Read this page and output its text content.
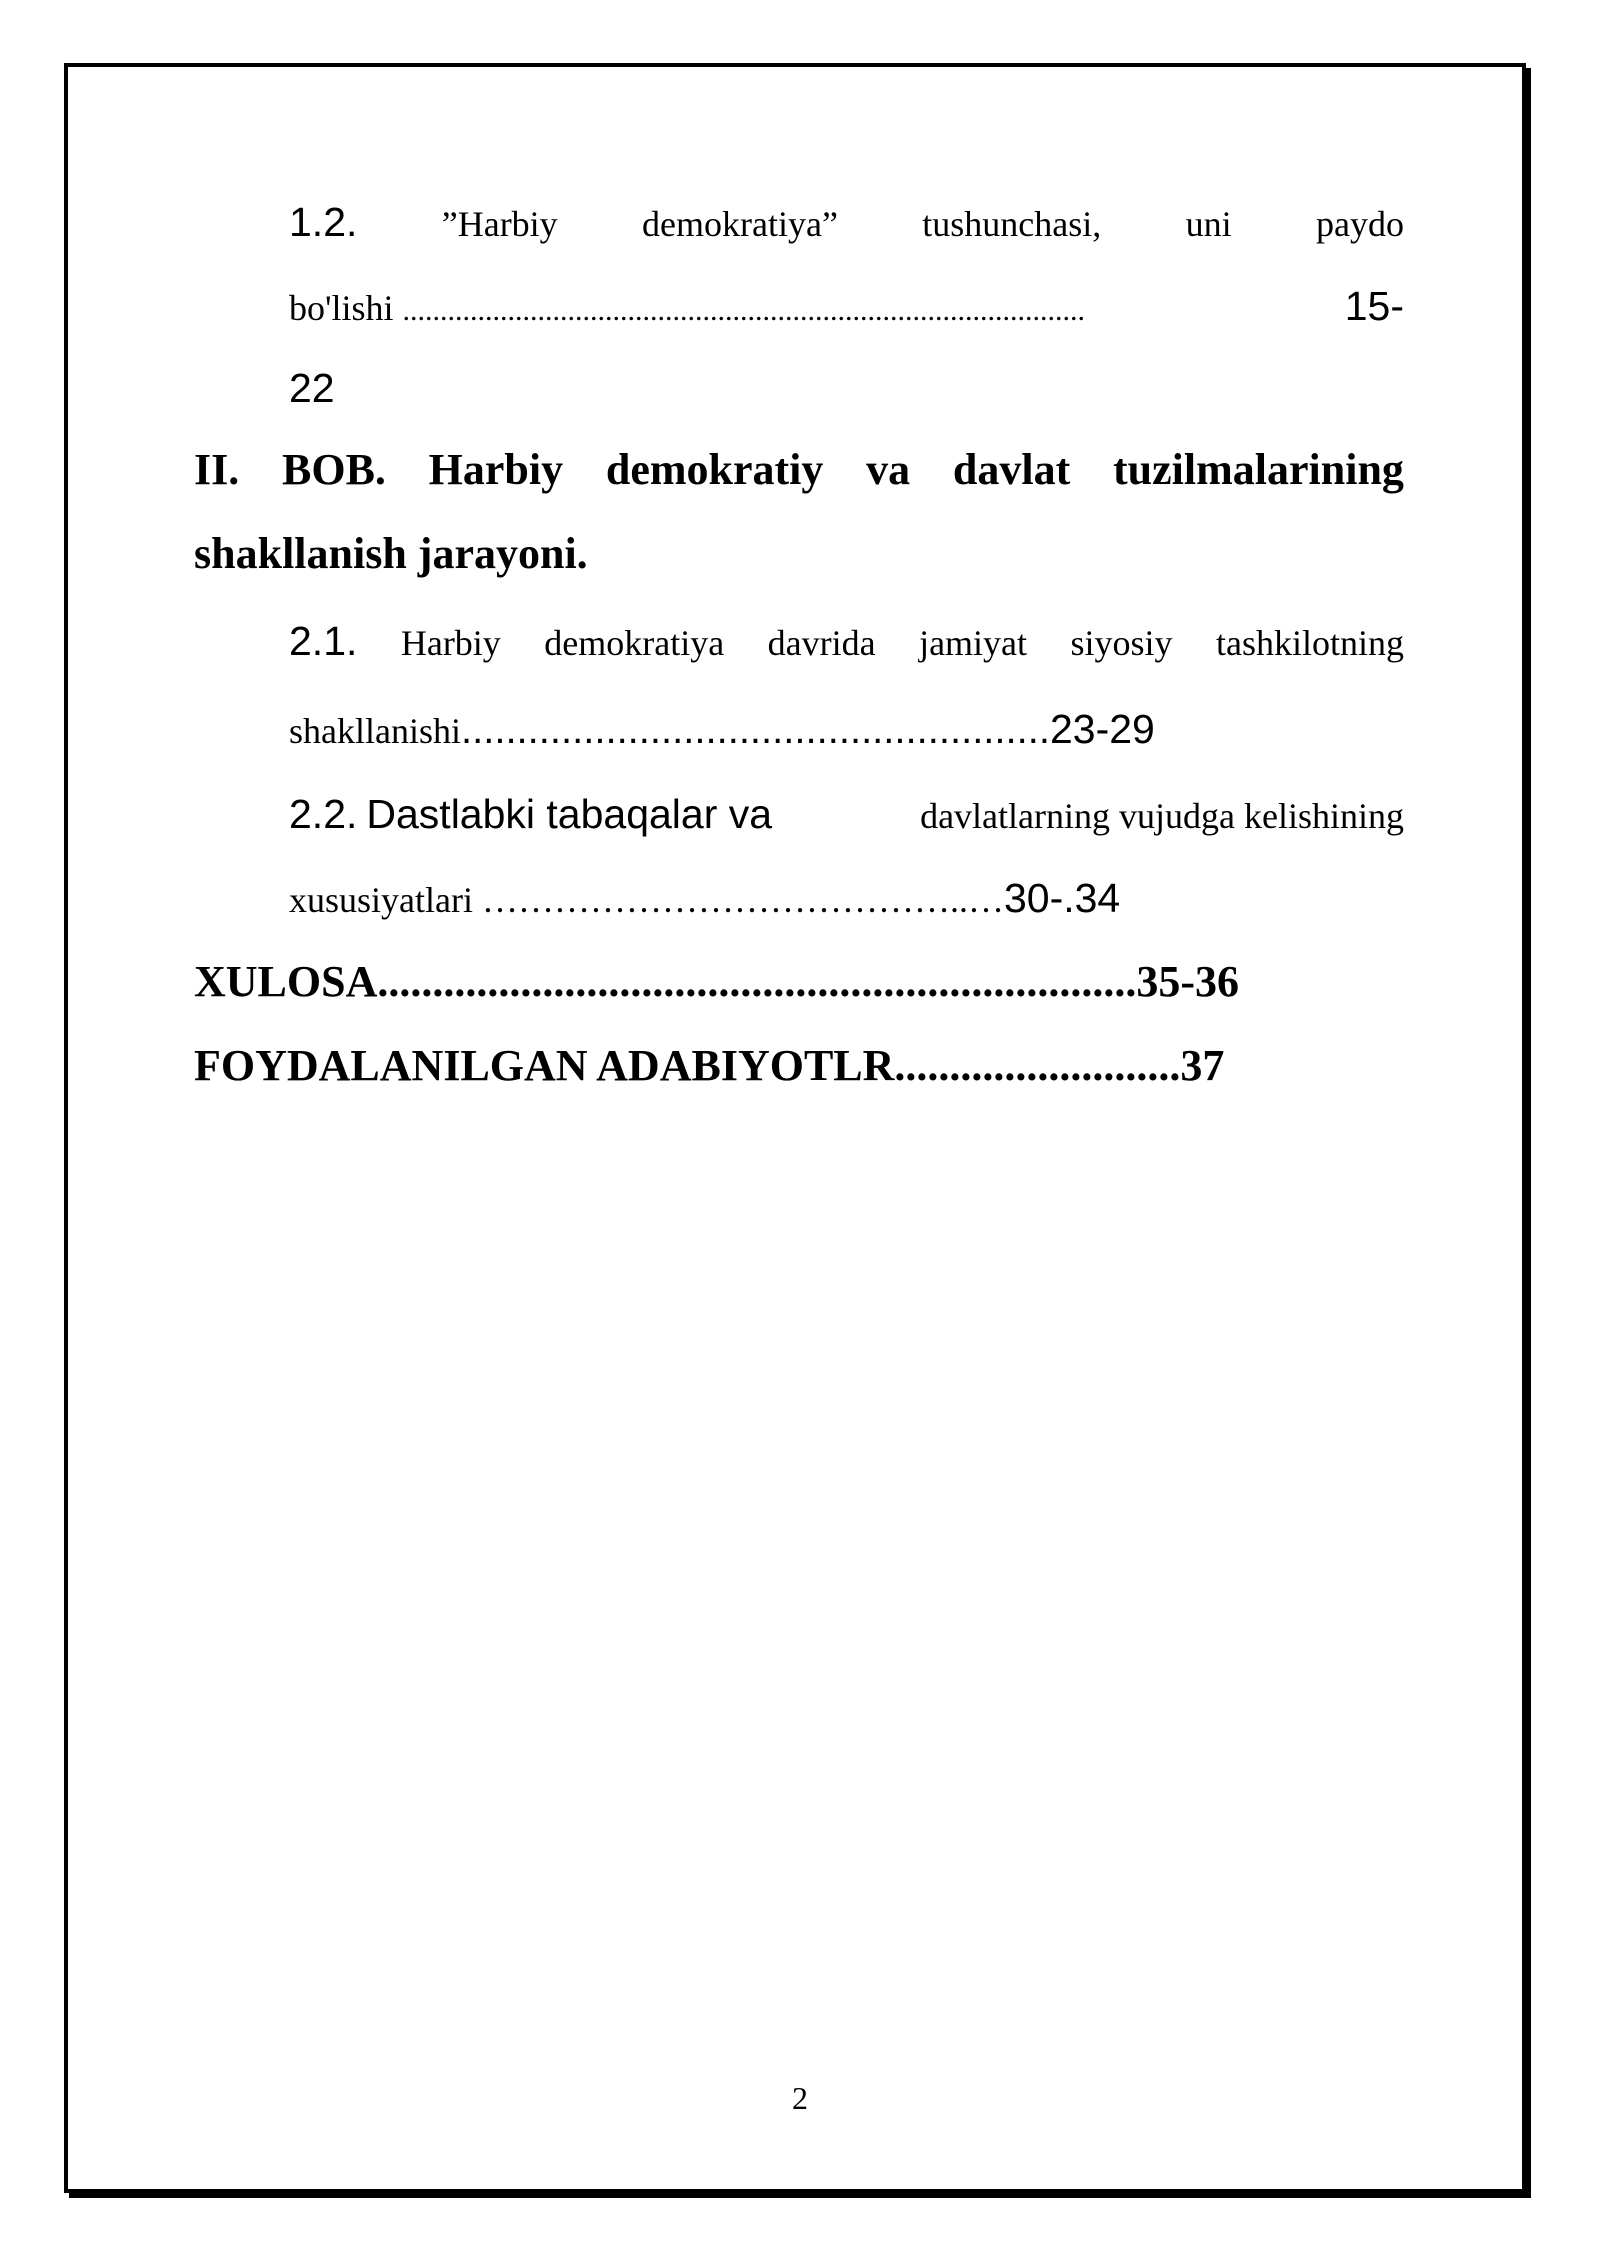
1.2. ”Harbiy demokratiya” tushunchasi, uni paydo
bo'lishi ...........................................................................................	15-
22
II. BOB. Harbiy demokratiy va davlat tuzilmalarining
shakllanish jarayoni.
2.1. Harbiy demokratiya davrida jamiyat siyosiy tashkilotning
shakllanishi.....................................................23-29
2.2. Dastlabki tabaqalar va	davlatlarning vujudga kelishining
xususiyatlari …………………………………..…30-.34
XULOSA.....................................................................35-36
FOYDALANILGAN ADABIYOTLR..........................37
2
